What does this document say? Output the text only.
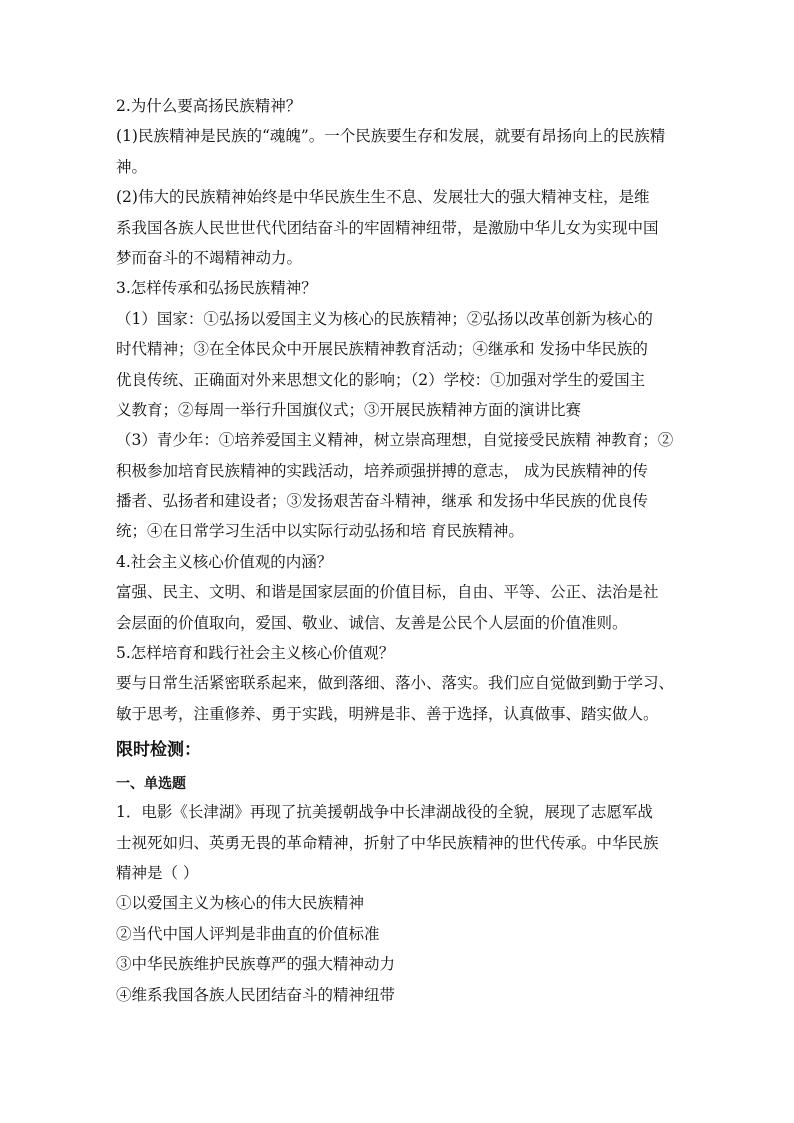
2.为什么要高扬民族精神？
(1)民族精神是民族的“魂魄”。一个民族要生存和发展，就要有昂扬向上的民族精
神。
(2)伟大的民族精神始终是中华民族生生不息、发展壮大的强大精神支柱，是维
系我国各族人民世世代代团结奋斗的牢固精神纽带，是激励中华儿女为实现中国
梦而奋斗的不竭精神动力。
3.怎样传承和弘扬民族精神？
（1）国家：①弘扬以爱国主义为核心的民族精神；②弘扬以改革创新为核心的
时代精神；③在全体民众中开展民族精神教育活动；④继承和 发扬中华民族的
优良传统、正确面对外来思想文化的影响；（2）学校：①加强对学生的爱国主
义教育；②每周一举行升国旗仪式；③开展民族精神方面的演讲比赛
（3）青少年：①培养爱国主义精神，树立崇高理想，自觉接受民族精 神教育；②
积极参加培育民族精神的实践活动，培养顽强拼搏的意志， 成为民族精神的传
播者、弘扬者和建设者；③发扬艰苦奋斗精神，继承 和发扬中华民族的优良传
统；④在日常学习生活中以实际行动弘扬和培 育民族精神。
4.社会主义核心价值观的内涵？
富强、民主、文明、和谐是国家层面的价值目标，自由、平等、公正、法治是社
会层面的价值取向，爱国、敬业、诚信、友善是公民个人层面的价值准则。
5.怎样培育和践行社会主义核心价值观？
要与日常生活紧密联系起来，做到落细、落小、落实。我们应自觉做到勤于学习、
敏于思考，注重修养、勇于实践，明辨是非、善于选择，认真做事、踏实做人。
限时检测：
一、单选题
1．电影《长津湖》再现了抗美援朝战争中长津湖战役的全貌，展现了志愿军战
士视死如归、英勇无畏的革命精神，折射了中华民族精神的世代传承。中华民族
精神是（ ）
①以爱国主义为核心的伟大民族精神
②当代中国人评判是非曲直的价值标准
③中华民族维护民族尊严的强大精神动力
④维系我国各族人民团结奋斗的精神纽带
